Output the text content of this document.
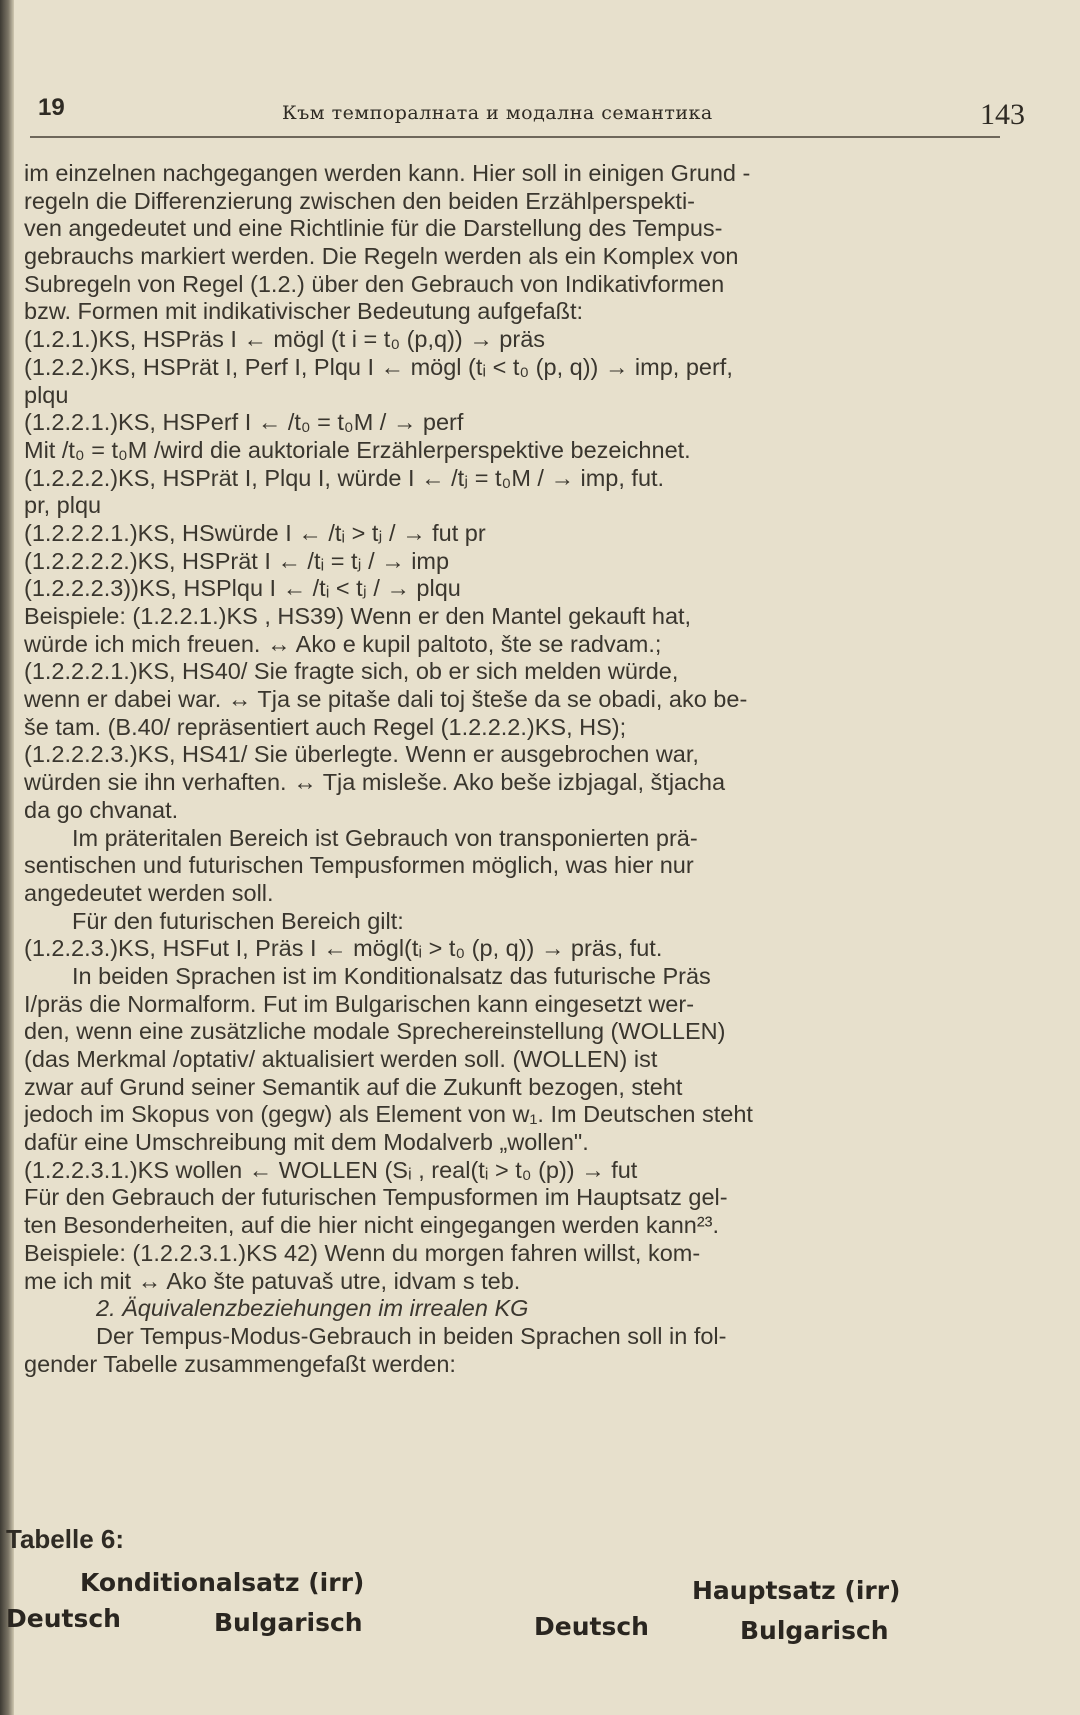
19	Към темпоралната и модална семантика	143
im einzelnen nachgegangen werden kann. Hier soll in einigen Grund -
regeln die Differenzierung zwischen den beiden Erzählperspekti-
ven angedeutet und eine Richtlinie für die Darstellung des Tempus-
gebrauchs markiert werden. Die Regeln werden als ein Komplex von
Subregeln von Regel (1.2.) über den Gebrauch von Indikativformen
bzw. Formen mit indikativischer Bedeutung aufgefaßt:
(1.2.1.)KS, HSPräs I ← mögl (t i = t₀ (p,q)) → präs
(1.2.2.)KS, HSPrät I, Perf I, Plqu I ← mögl (tᵢ < t₀ (p, q)) → imp, perf,
plqu
(1.2.2.1.)KS, HSPerf I ← /t₀ = t₀M / → perf
Mit /t₀ = t₀M /wird die auktoriale Erzählerperspektive bezeichnet.
(1.2.2.2.)KS, HSPrät I, Plqu I, würde I ← /tⱼ = t₀M / → imp, fut.
pr, plqu
(1.2.2.2.1.)KS, HSwürde I ← /tᵢ > tⱼ / → fut pr
(1.2.2.2.2.)KS, HSPrät I ← /tᵢ = tⱼ / → imp
(1.2.2.2.3))KS, HSPlqu I ← /tᵢ < tⱼ / → plqu
Beispiele: (1.2.2.1.)KS , HS39) Wenn er den Mantel gekauft hat,
würde ich mich freuen. ↔ Ako e kupil paltoto, šte se radvam.;
(1.2.2.2.1.)KS, HS40/ Sie fragte sich, ob er sich melden würde,
wenn er dabei war. ↔ Tja se pitaše dali toj šteše da se obadi, ako be-
še tam. (B.40/ repräsentiert auch Regel (1.2.2.2.)KS, HS);
(1.2.2.2.3.)KS, HS41/ Sie überlegte. Wenn er ausgebrochen war,
würden sie ihn verhaften. ↔ Tja mislеše. Ako beše izbjagal, štjacha
da go chvanat.
Im präteritalen Bereich ist Gebrauch von transponierten prä-
sentischen und futurischen Tempusformen möglich, was hier nur
angedeutet werden soll.
Für den futurischen Bereich gilt:
(1.2.2.3.)KS, HSFut I, Präs I ← mögl(tᵢ > t₀ (p, q)) → präs, fut.
In beiden Sprachen ist im Konditionalsatz das futurische Präs
I/präs die Normalform. Fut im Bulgarischen kann eingesetzt wer-
den, wenn eine zusätzliche modale Sprechereinstellung (WOLLEN)
(das Merkmal /optativ/ aktualisiert werden soll. (WOLLEN) ist
zwar auf Grund seiner Semantik auf die Zukunft bezogen, steht
jedoch im Skopus von (gegw) als Element von w₁. Im Deutschen steht
dafür eine Umschreibung mit dem Modalverb „wollen".
(1.2.2.3.1.)KS wollen ← WOLLEN (Sᵢ , real(tᵢ > t₀ (p)) → fut
Für den Gebrauch der futurischen Tempusformen im Hauptsatz gel-
ten Besonderheiten, auf die hier nicht eingegangen werden kann²³.
Beispiele: (1.2.2.3.1.)KS 42) Wenn du morgen fahren willst, kom-
me ich mit ↔ Ako šte patuvaš utre, idvam s teb.
2. Äquivalenzbeziehungen im irrealen KG
Der Tempus-Modus-Gebrauch in beiden Sprachen soll in fol-
gender Tabelle zusammengefaßt werden:
Tabelle 6:
Konditionalsatz (irr)	Hauptsatz (irr)
Deutsch	Bulgarisch	Deutsch	Bulgarisch
